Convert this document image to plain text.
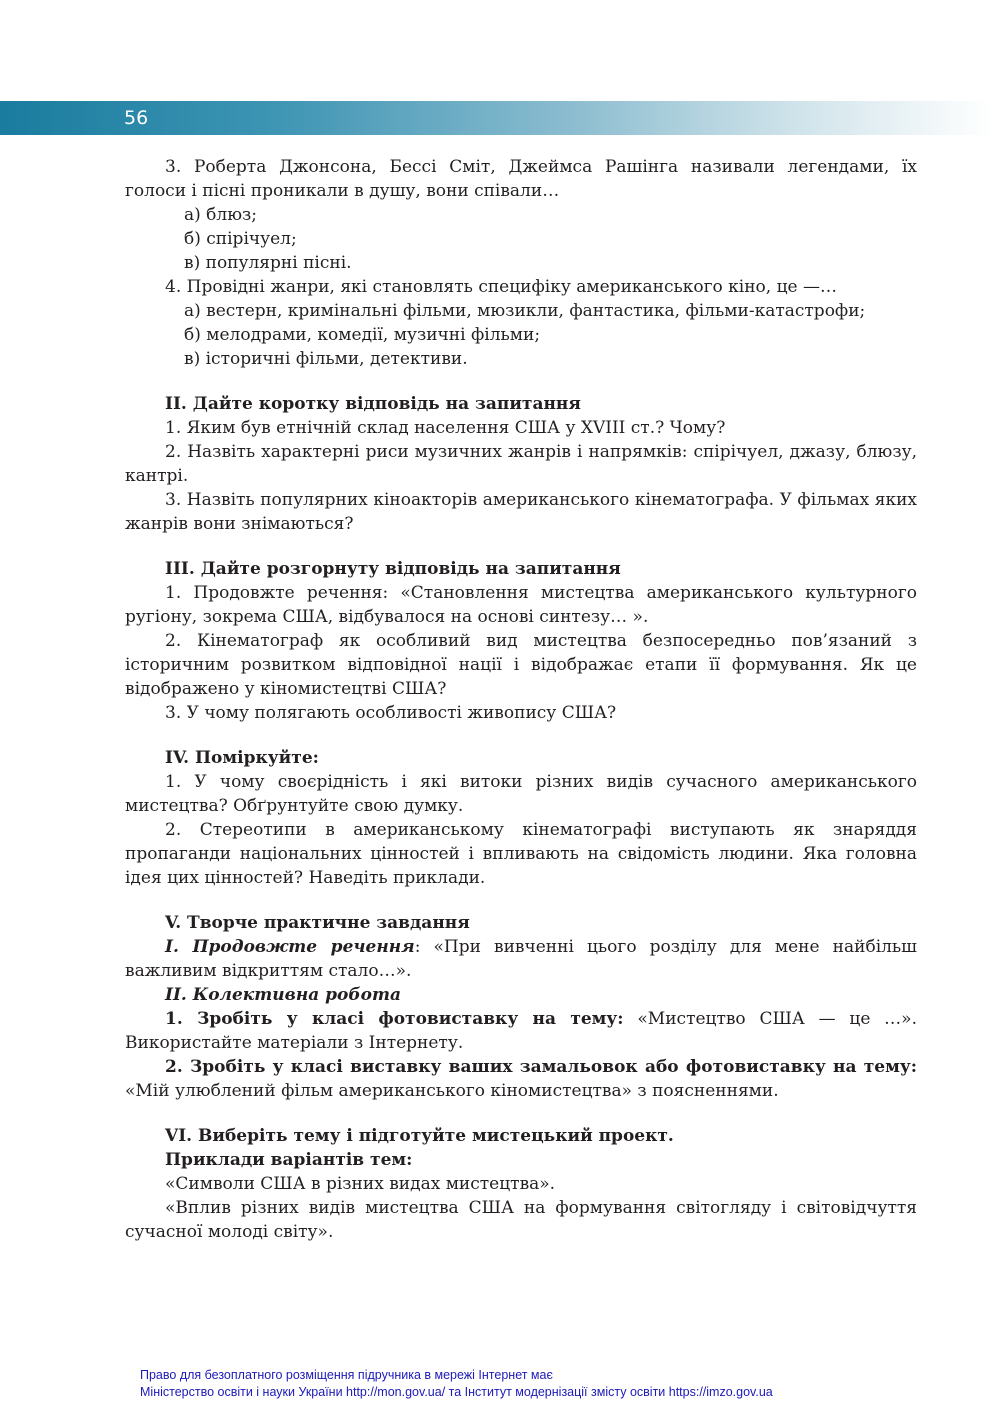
56

3. Роберта Джонсона, Бессі Сміт, Джеймса Рашінга називали легендами, їх голоси і пісні проникали в душу, вони співали…

а) блюз;

б) спірічуел;

в) популярні пісні.

4. Провідні жанри, які становлять специфіку американського кіно, це —…

а) вестерн, кримінальні фільми, мюзикли, фантастика, фільми-катастрофи;

б) мелодрами, комедії, музичні фільми;

в) історичні фільми, детективи.

ІІ. Дайте коротку відповідь на запитання

1. Яким був етнічній склад населення США у XVIII ст.? Чому?

2. Назвіть характерні риси музичних жанрів і напрямків: спірічуел, джазу, блюзу, кантрі.

3. Назвіть популярних кіноакторів американського кінематографа. У фільмах яких жанрів вони знімаються?

ІІІ. Дайте розгорнуту відповідь на запитання

1. Продовжте речення: «Становлення мистецтва американського культурного ругіону, зокрема США, відбувалося на основі синтезу… ».

2. Кінематограф як особливий вид мистецтва безпосередньо пов’язаний з історичним розвитком відповідної нації і відображає етапи її формування. Як це відображено у кіномистецтві США?

3. У чому полягають особливості живопису США?

IV. Поміркуйте:

1. У чому своєрідність і які витоки різних видів сучасного американського мистецтва? Обґрунтуйте свою думку.

2. Стереотипи в американському кінематографі виступають як знаряддя пропаганди національних цінностей і впливають на свідомість людини. Яка головна ідея цих цінностей? Наведіть приклади.

V. Творче практичне завдання

І. Продовжте речення: «При вивченні цього розділу для мене найбільш важливим відкриттям стало…».

ІІ. Колективна робота

1. Зробіть у класі фотовиставку на тему: «Мистецтво США — це …». Використайте матеріали з Інтернету.

2. Зробіть у класі виставку ваших замальовок або фотовиставку на тему: «Мій улюблений фільм американського кіномистецтва» з поясненнями.

VI. Виберіть тему і підготуйте мистецький проект.

Приклади варіантів тем:

«Символи США в різних видах мистецтва».

«Вплив різних видів мистецтва США на формування світогляду і світовідчуття сучасної молоді світу».

Право для безоплатного розміщення підручника в мережі Інтернет має
Міністерство освіти і науки України http://mon.gov.ua/ та Інститут модернізації змісту освіти https://imzo.gov.ua
